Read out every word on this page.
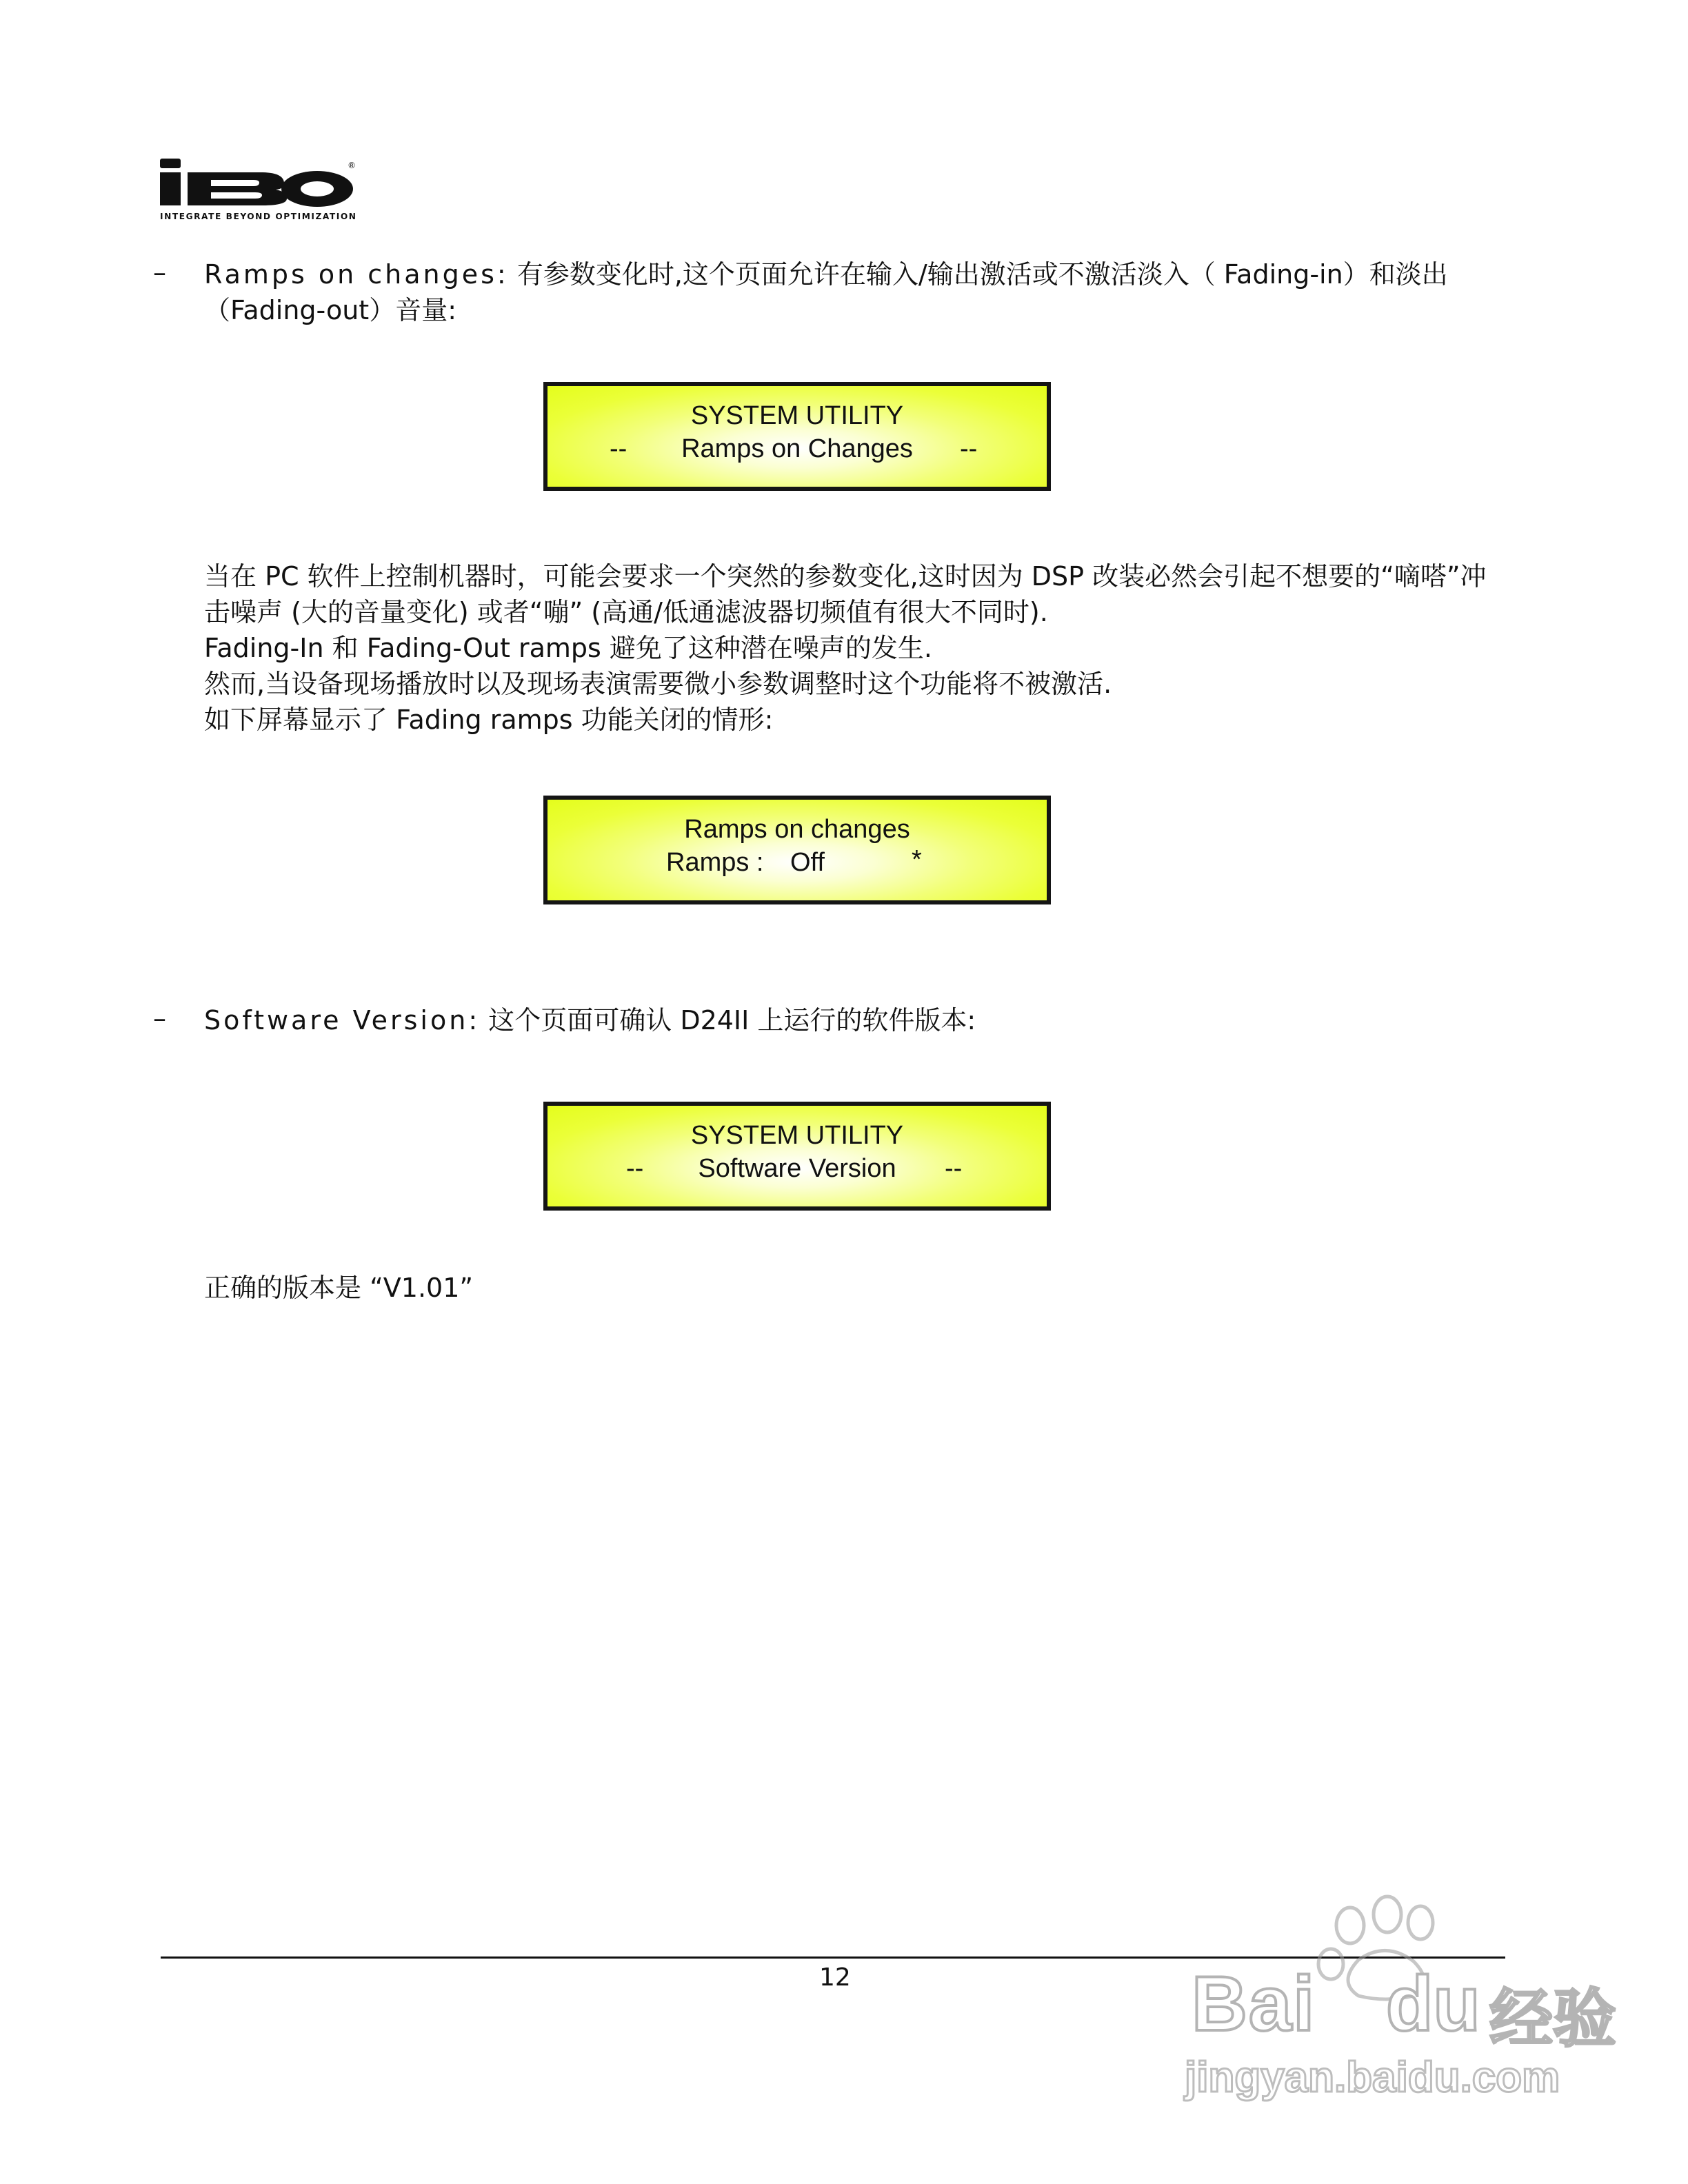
®
INTEGRATE BEYOND OPTIMIZATION
– Ramps on changes: 有参数变化时,这个页面允许在输入/输出激活或不激活淡入（ Fading-in）和淡出
（Fading-out）音量:
SYSTEM UTILITY
--	Ramps on Changes	--
当在 PC 软件上控制机器时，可能会要求一个突然的参数变化,这时因为 DSP 改装必然会引起不想要的“嘀嗒”冲
击噪声 (大的音量变化) 或者“嘣” (高通/低通滤波器切频值有很大不同时).
Fading-In 和 Fading-Out ramps 避免了这种潜在噪声的发生.
然而,当设备现场播放时以及现场表演需要微小参数调整时这个功能将不被激活.
如下屏幕显示了 Fading ramps 功能关闭的情形:
Ramps on changes
Ramps : Off	*
– Software Version: 这个页面可确认 D24II 上运行的软件版本:
SYSTEM UTILITY
--	Software Version	--
正确的版本是 “V1.01”
12	Bai du 经验
jingyan.baidu.com
